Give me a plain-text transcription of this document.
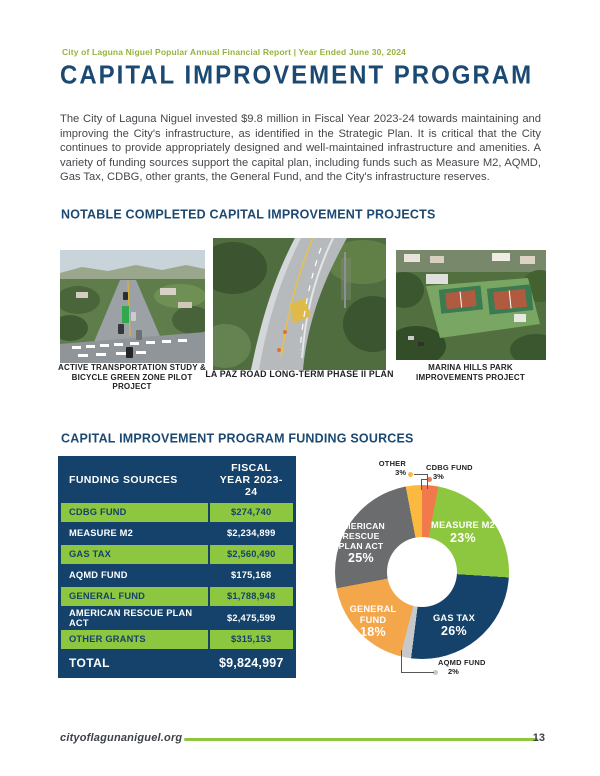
City of Laguna Niguel Popular Annual Financial Report | Year Ended June 30, 2024
CAPITAL IMPROVEMENT PROGRAM

The City of Laguna Niguel invested $9.8 million in Fiscal Year 2023-24 towards maintaining and improving the City's infrastructure, as identified in the Strategic Plan. It is critical that the City continues to provide appropriately designed and well-maintained infrastructure and amenities. A variety of funding sources support the capital plan, including funds such as Measure M2, AQMD, Gas Tax, CDBG, other grants, the General Fund, and the City's infrastructure reserves.

NOTABLE COMPLETED CAPITAL IMPROVEMENT PROJECTS
ACTIVE TRANSPORTATION STUDY &
BICYCLE GREEN ZONE PILOT PROJECT
LA PAZ ROAD LONG-TERM PHASE II PLAN
MARINA HILLS PARK
IMPROVEMENTS PROJECT
CAPITAL IMPROVEMENT PROGRAM FUNDING SOURCES
FUNDING SOURCES	FISCAL YEAR 2023-24
CDBG FUND	$274,740
MEASURE M2	$2,234,899
GAS TAX	$2,560,490
AQMD FUND	$175,168
GENERAL FUND	$1,788,948
AMERICAN RESCUE PLAN ACT	$2,475,599
OTHER GRANTS	$315,153
TOTAL	$9,824,997
MEASURE M2
23%
GAS TAX
26%
GENERAL FUND
18%
AMERICAN RESCUE PLAN ACT
25%
OTHER
3%
CDBG FUND
3%
AQMD FUND
2%
cityoflagunaniguel.org	13
